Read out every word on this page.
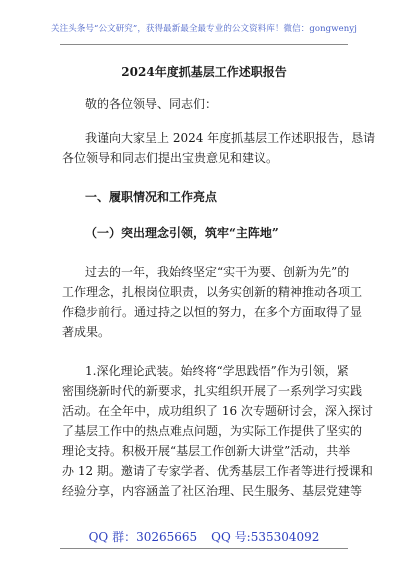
关注头条号“公文研究”，获得最新最全最专业的公文资料库！微信：gongwenyj
2024年度抓基层工作述职报告
敬的各位领导、同志们：
我谨向大家呈上 2024 年度抓基层工作述职报告，恳请
各位领导和同志们提出宝贵意见和建议。
一、履职情况和工作亮点
（一）突出理念引领，筑牢“主阵地”
过去的一年，我始终坚定“实干为要、创新为先”的
工作理念，扎根岗位职责，以务实创新的精神推动各项工
作稳步前行。通过持之以恒的努力，在多个方面取得了显
著成果。
1.深化理论武装。始终将“学思践悟”作为引领，紧
密围绕新时代的新要求，扎实组织开展了一系列学习实践
活动。在全年中，成功组织了 16 次专题研讨会，深入探讨
了基层工作中的热点难点问题，为实际工作提供了坚实的
理论支持。积极开展“基层工作创新大讲堂”活动，共举
办 12 期。邀请了专家学者、优秀基层工作者等进行授课和
经验分享，内容涵盖了社区治理、民生服务、基层党建等
QQ 群：30265665 QQ 号:535304092
